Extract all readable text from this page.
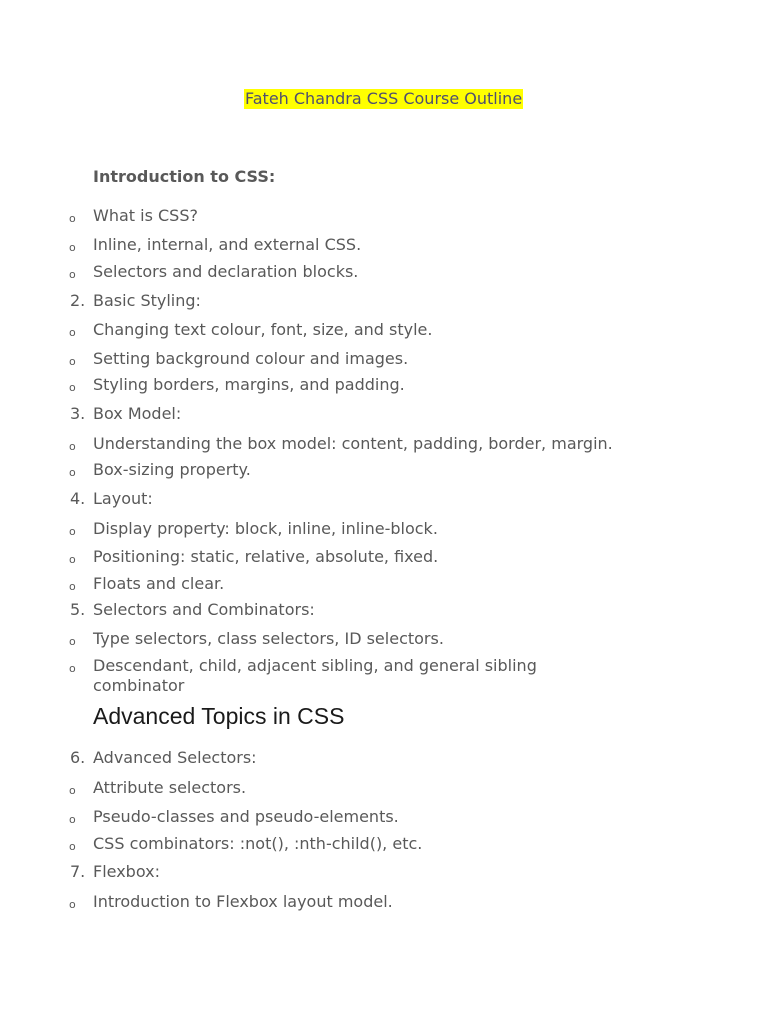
Fateh Chandra CSS Course Outline
Introduction to CSS:
o	What is CSS?
o	Inline, internal, and external CSS.
o	Selectors and declaration blocks.
2. Basic Styling:
o	Changing text colour, font, size, and style.
o	Setting background colour and images.
o	Styling borders, margins, and padding.
3. Box Model:
o	Understanding the box model: content, padding, border, margin.
o	Box-sizing property.
4. Layout:
o	Display property: block, inline, inline-block.
o	Positioning: static, relative, absolute, fixed.
o	Floats and clear.
5. Selectors and Combinators:
o	Type selectors, class selectors, ID selectors.
o	Descendant, child, adjacent sibling, and general sibling combinator
Advanced Topics in CSS
6. Advanced Selectors:
o	Attribute selectors.
o	Pseudo-classes and pseudo-elements.
o	CSS combinators: :not(), :nth-child(), etc.
7. Flexbox:
o	Introduction to Flexbox layout model.
